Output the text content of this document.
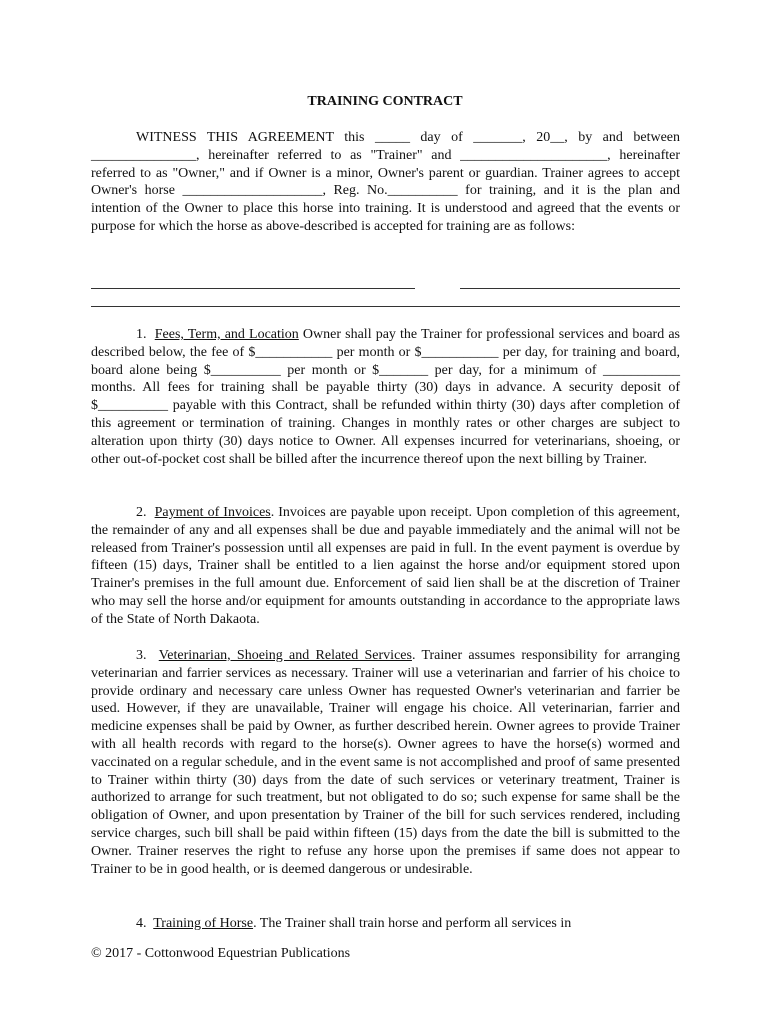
TRAINING CONTRACT
WITNESS THIS AGREEMENT this _____ day of _______, 20__, by and between _______________, hereinafter referred to as "Trainer" and _____________________, hereinafter referred to as "Owner," and if Owner is a minor, Owner's parent or guardian. Trainer agrees to accept Owner's horse ____________________, Reg. No.__________ for training, and it is the plan and intention of the Owner to place this horse into training. It is understood and agreed that the events or purpose for which the horse as above-described is accepted for training are as follows:
1. Fees, Term, and Location Owner shall pay the Trainer for professional services and board as described below, the fee of $___________ per month or $___________ per day, for training and board, board alone being $__________ per month or $_______ per day, for a minimum of ___________ months. All fees for training shall be payable thirty (30) days in advance. A security deposit of $__________ payable with this Contract, shall be refunded within thirty (30) days after completion of this agreement or termination of training. Changes in monthly rates or other charges are subject to alteration upon thirty (30) days notice to Owner. All expenses incurred for veterinarians, shoeing, or other out-of-pocket cost shall be billed after the incurrence thereof upon the next billing by Trainer.
2. Payment of Invoices. Invoices are payable upon receipt. Upon completion of this agreement, the remainder of any and all expenses shall be due and payable immediately and the animal will not be released from Trainer's possession until all expenses are paid in full. In the event payment is overdue by fifteen (15) days, Trainer shall be entitled to a lien against the horse and/or equipment stored upon Trainer's premises in the full amount due. Enforcement of said lien shall be at the discretion of Trainer who may sell the horse and/or equipment for amounts outstanding in accordance to the appropriate laws of the State of North Dakaota.
3. Veterinarian, Shoeing and Related Services. Trainer assumes responsibility for arranging veterinarian and farrier services as necessary. Trainer will use a veterinarian and farrier of his choice to provide ordinary and necessary care unless Owner has requested Owner's veterinarian and farrier be used. However, if they are unavailable, Trainer will engage his choice. All veterinarian, farrier and medicine expenses shall be paid by Owner, as further described herein. Owner agrees to provide Trainer with all health records with regard to the horse(s). Owner agrees to have the horse(s) wormed and vaccinated on a regular schedule, and in the event same is not accomplished and proof of same presented to Trainer within thirty (30) days from the date of such services or veterinary treatment, Trainer is authorized to arrange for such treatment, but not obligated to do so; such expense for same shall be the obligation of Owner, and upon presentation by Trainer of the bill for such services rendered, including service charges, such bill shall be paid within fifteen (15) days from the date the bill is submitted to the Owner. Trainer reserves the right to refuse any horse upon the premises if same does not appear to Trainer to be in good health, or is deemed dangerous or undesirable.
4. Training of Horse. The Trainer shall train horse and perform all services in
© 2017 - Cottonwood Equestrian Publications
